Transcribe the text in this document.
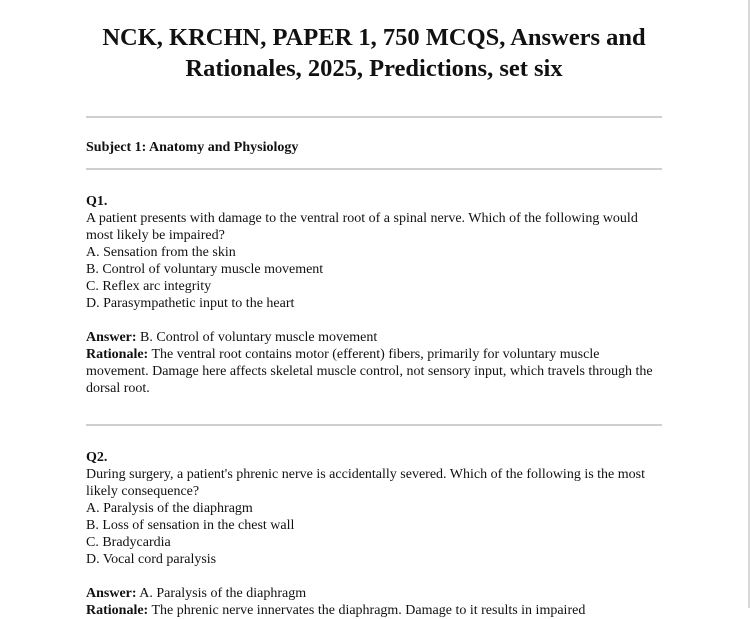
NCK, KRCHN, PAPER 1, 750 MCQS, Answers and Rationales, 2025, Predictions, set six
Subject 1: Anatomy and Physiology
Q1.
A patient presents with damage to the ventral root of a spinal nerve. Which of the following would most likely be impaired?
A. Sensation from the skin
B. Control of voluntary muscle movement
C. Reflex arc integrity
D. Parasympathetic input to the heart
Answer: B. Control of voluntary muscle movement
Rationale: The ventral root contains motor (efferent) fibers, primarily for voluntary muscle movement. Damage here affects skeletal muscle control, not sensory input, which travels through the dorsal root.
Q2.
During surgery, a patient's phrenic nerve is accidentally severed. Which of the following is the most likely consequence?
A. Paralysis of the diaphragm
B. Loss of sensation in the chest wall
C. Bradycardia
D. Vocal cord paralysis
Answer: A. Paralysis of the diaphragm
Rationale: The phrenic nerve innervates the diaphragm. Damage to it results in impaired
